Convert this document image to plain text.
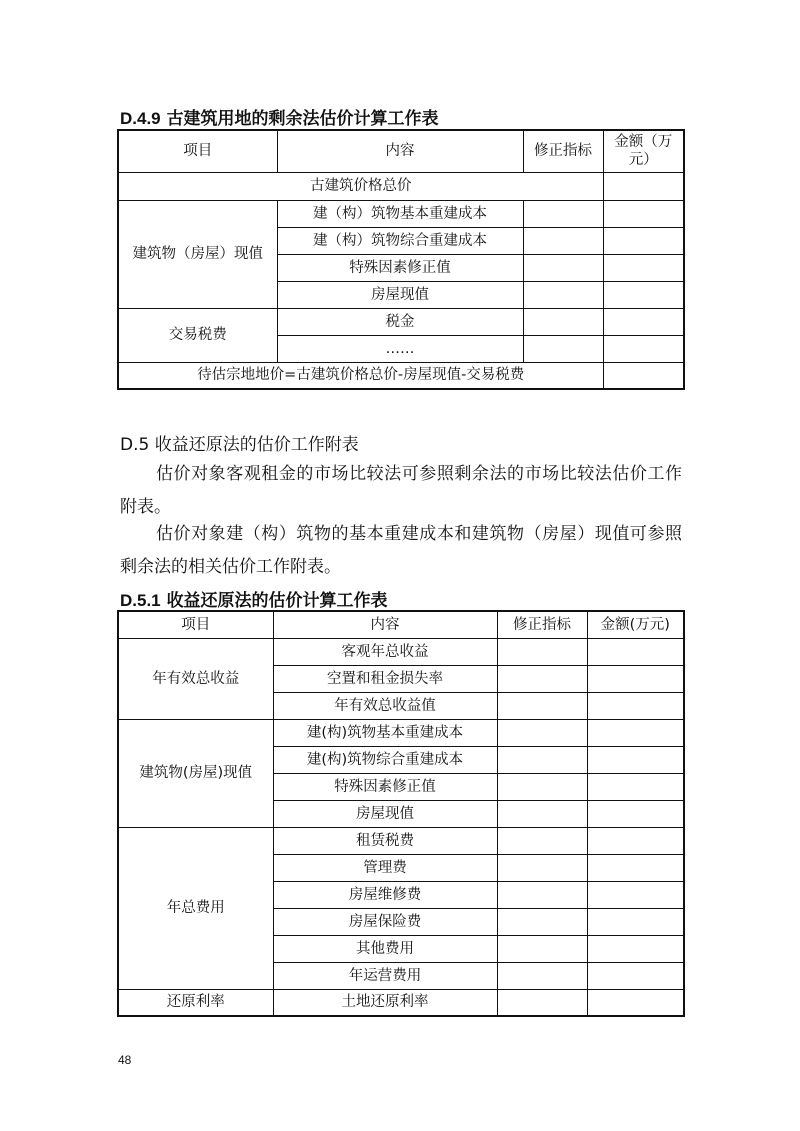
D.4.9 古建筑用地的剩余法估价计算工作表
项目	内容	修正指标	金额（万元）
古建筑价格总价			
建筑物（房屋）现值	建（构）筑物基本重建成本		
	建（构）筑物综合重建成本		
	特殊因素修正值		
	房屋现值		
交易税费	税金		
	……		
待估宗地地价=古建筑价格总价-房屋现值-交易税费			
D.5 收益还原法的估价工作附表
估价对象客观租金的市场比较法可参照剩余法的市场比较法估价工作附表。
估价对象建（构）筑物的基本重建成本和建筑物（房屋）现值可参照剩余法的相关估价工作附表。
D.5.1 收益还原法的估价计算工作表
项目	内容	修正指标	金额(万元)
年有效总收益	客观年总收益		
	空置和租金损失率		
	年有效总收益值		
建筑物(房屋)现值	建(构)筑物基本重建成本		
	建(构)筑物综合重建成本		
	特殊因素修正值		
	房屋现值		
年总费用	租赁税费		
	管理费		
	房屋维修费		
	房屋保险费		
	其他费用		
	年运营费用		
还原利率	土地还原利率		
48
